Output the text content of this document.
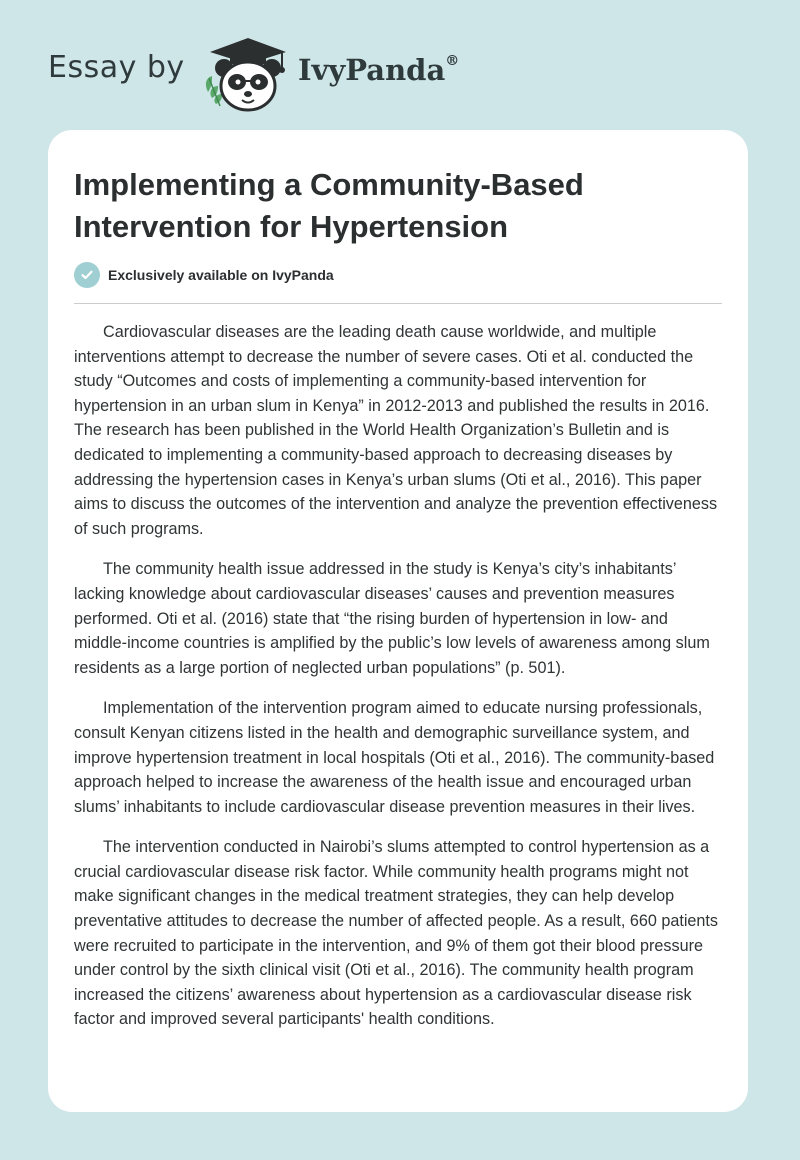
Essay by	IvyPanda®
Implementing a Community-Based Intervention for Hypertension
Exclusively available on IvyPanda

Cardiovascular diseases are the leading death cause worldwide, and multiple interventions attempt to decrease the number of severe cases. Oti et al. conducted the study “Outcomes and costs of implementing a community-based intervention for hypertension in an urban slum in Kenya” in 2012-2013 and published the results in 2016. The research has been published in the World Health Organization’s Bulletin and is dedicated to implementing a community-based approach to decreasing diseases by addressing the hypertension cases in Kenya’s urban slums (Oti et al., 2016). This paper aims to discuss the outcomes of the intervention and analyze the prevention effectiveness of such programs.

The community health issue addressed in the study is Kenya’s city’s inhabitants’ lacking knowledge about cardiovascular diseases’ causes and prevention measures performed. Oti et al. (2016) state that “the rising burden of hypertension in low- and middle-income countries is amplified by the public’s low levels of awareness among slum residents as a large portion of neglected urban populations” (p. 501).

Implementation of the intervention program aimed to educate nursing professionals, consult Kenyan citizens listed in the health and demographic surveillance system, and improve hypertension treatment in local hospitals (Oti et al., 2016). The community-based approach helped to increase the awareness of the health issue and encouraged urban slums’ inhabitants to include cardiovascular disease prevention measures in their lives.

The intervention conducted in Nairobi’s slums attempted to control hypertension as a crucial cardiovascular disease risk factor. While community health programs might not make significant changes in the medical treatment strategies, they can help develop preventative attitudes to decrease the number of affected people. As a result, 660 patients were recruited to participate in the intervention, and 9% of them got their blood pressure under control by the sixth clinical visit (Oti et al., 2016). The community health program increased the citizens’ awareness about hypertension as a cardiovascular disease risk factor and improved several participants' health conditions.
